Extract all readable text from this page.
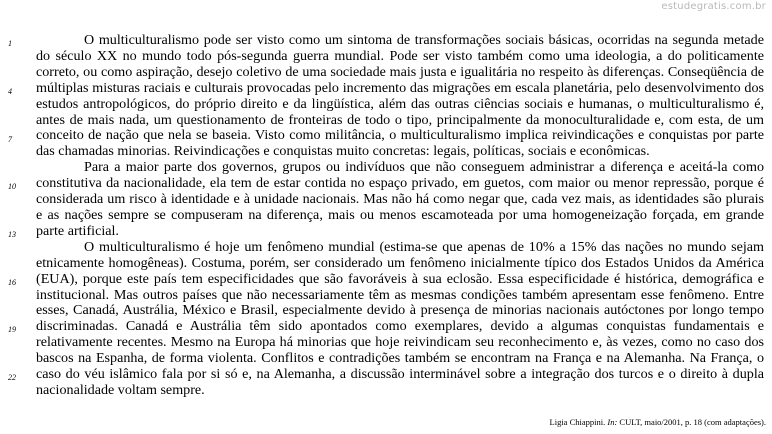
estudegratis.com.br
1
4
7
10
13
16
19
22

O multiculturalismo pode ser visto como um sintoma de transformações sociais básicas, ocorridas na segunda metade do século XX no mundo todo pós-segunda guerra mundial. Pode ser visto também como uma ideologia, a do politicamente correto, ou como aspiração, desejo coletivo de uma sociedade mais justa e igualitária no respeito às diferenças. Conseqüência de múltiplas misturas raciais e culturais provocadas pelo incremento das migrações em escala planetária, pelo desenvolvimento dos estudos antropológicos, do próprio direito e da lingüística, além das outras ciências sociais e humanas, o multiculturalismo é, antes de mais nada, um questionamento de fronteiras de todo o tipo, principalmente da monoculturalidade e, com esta, de um conceito de nação que nela se baseia. Visto como militância, o multiculturalismo implica reivindicações e conquistas por parte das chamadas minorias. Reivindicações e conquistas muito concretas: legais, políticas, sociais e econômicas.

Para a maior parte dos governos, grupos ou indivíduos que não conseguem administrar a diferença e aceitá-la como constitutiva da nacionalidade, ela tem de estar contida no espaço privado, em guetos, com maior ou menor repressão, porque é considerada um risco à identidade e à unidade nacionais. Mas não há como negar que, cada vez mais, as identidades são plurais e as nações sempre se compuseram na diferença, mais ou menos escamoteada por uma homogeneização forçada, em grande parte artificial.

O multiculturalismo é hoje um fenômeno mundial (estima-se que apenas de 10% a 15% das nações no mundo sejam etnicamente homogêneas). Costuma, porém, ser considerado um fenômeno inicialmente típico dos Estados Unidos da América (EUA), porque este país tem especificidades que são favoráveis à sua eclosão. Essa especificidade é histórica, demográfica e institucional. Mas outros países que não necessariamente têm as mesmas condições também apresentam esse fenômeno. Entre esses, Canadá, Austrália, México e Brasil, especialmente devido à presença de minorias nacionais autóctones por longo tempo discriminadas. Canadá e Austrália têm sido apontados como exemplares, devido a algumas conquistas fundamentais e relativamente recentes. Mesmo na Europa há minorias que hoje reivindicam seu reconhecimento e, às vezes, como no caso dos bascos na Espanha, de forma violenta. Conflitos e contradições também se encontram na França e na Alemanha. Na França, o caso do véu islâmico fala por si só e, na Alemanha, a discussão interminável sobre a integração dos turcos e o direito à dupla nacionalidade voltam sempre.

Ligia Chiappini. In: CULT, maio/2001, p. 18 (com adaptações).
